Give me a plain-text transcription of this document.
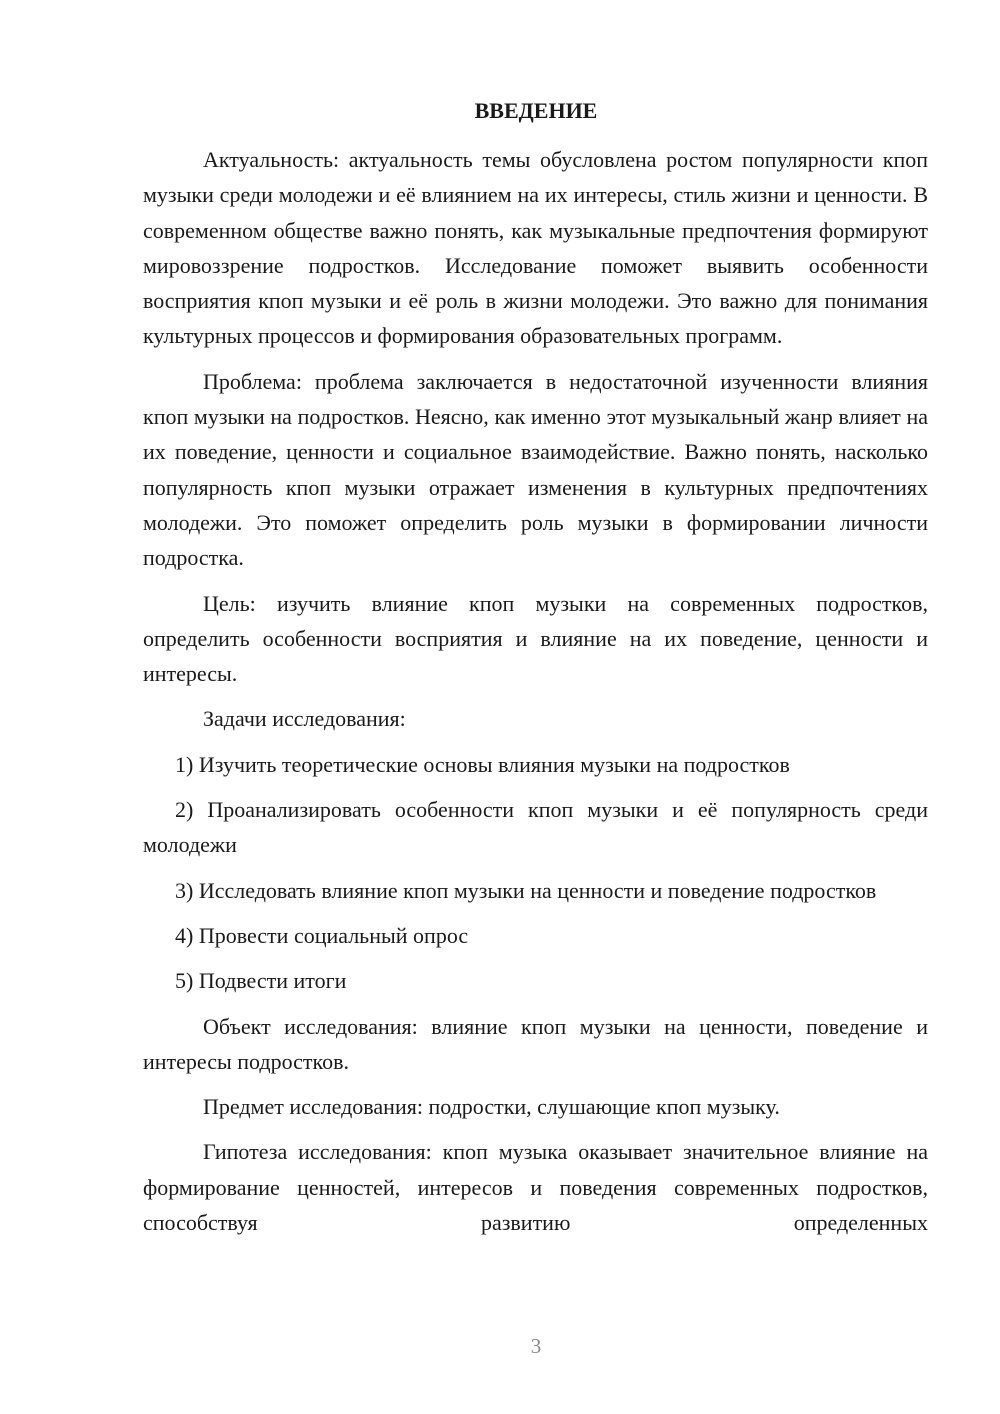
ВВЕДЕНИЕ

Актуальность: актуальность темы обусловлена ростом популярности кпоп музыки среди молодежи и её влиянием на их интересы, стиль жизни и ценности. В современном обществе важно понять, как музыкальные предпочтения формируют мировоззрение подростков. Исследование поможет выявить особенности восприятия кпоп музыки и её роль в жизни молодежи. Это важно для понимания культурных процессов и формирования образовательных программ.

Проблема: проблема заключается в недостаточной изученности влияния кпоп музыки на подростков. Неясно, как именно этот музыкальный жанр влияет на их поведение, ценности и социальное взаимодействие. Важно понять, насколько популярность кпоп музыки отражает изменения в культурных предпочтениях молодежи. Это поможет определить роль музыки в формировании личности подростка.

Цель: изучить влияние кпоп музыки на современных подростков, определить особенности восприятия и влияние на их поведение, ценности и интересы.

Задачи исследования:

1) Изучить теоретические основы влияния музыки на подростков

2) Проанализировать особенности кпоп музыки и её популярность среди молодежи

3) Исследовать влияние кпоп музыки на ценности и поведение подростков

4) Провести социальный опрос

5) Подвести итоги

Объект исследования: влияние кпоп музыки на ценности, поведение и интересы подростков.

Предмет исследования: подростки, слушающие кпоп музыку.

Гипотеза исследования: кпоп музыка оказывает значительное влияние на формирование ценностей, интересов и поведения современных подростков, способствуя развитию определенных

3
